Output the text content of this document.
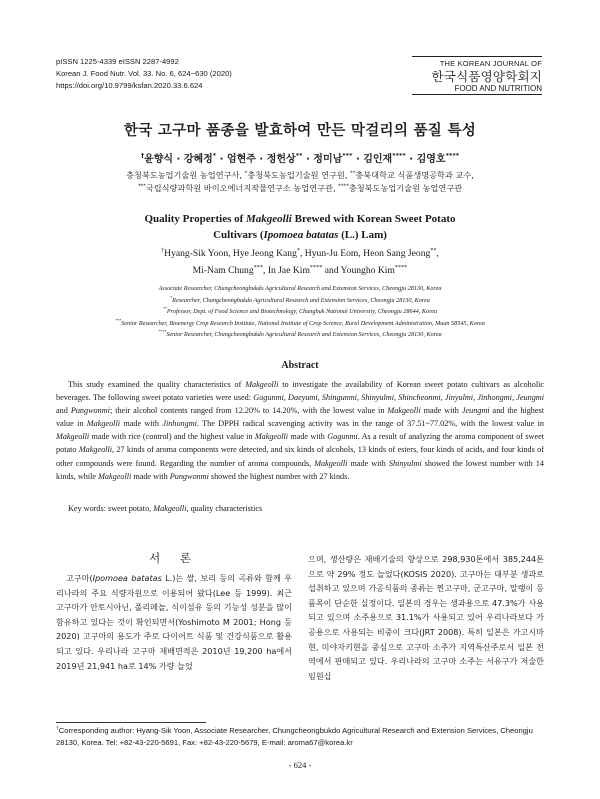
pISSN 1225-4339 eISSN 2287-4992
Korean J. Food Nutr. Vol. 33. No. 6, 624~630 (2020)
https://doi.org/10.9799/ksfan.2020.33.6.624
THE KOREAN JOURNAL OF
한국식품영양학회지
FOOD AND NUTRITION
한국 고구마 품종을 발효하여 만든 막걸리의 품질 특성
†윤향식 · 강혜정* · 엄현주 · 정헌상** · 정미남*** · 김인재**** · 김영호****
충청북도농업기술원 농업연구사, *충청북도농업기술원 연구원, **충북대학교 식품생명공학과 교수,
***국립식량과학원 바이오에너지작물연구소 농업연구관, ****충청북도농업기술원 농업연구관
Quality Properties of Makgeolli Brewed with Korean Sweet Potato
Cultivars (Ipomoea batatas (L.) Lam)
†Hyang-Sik Yoon, Hye Jeong Kang*, Hyun-Ju Eom, Heon Sang Jeong**,
Mi-Nam Chung***, In Jae Kim**** and Youngho Kim****
Associate Researcher, Chungcheongbukdo Agricultural Research and Extension Services, Cheongju 28130, Korea
*Researcher, Chungcheongbukdo Agricultural Research and Extension Services, Cheongju 28130, Korea
**Professor, Dept. of Food Science and Biotechnology, Chungbuk National University, Cheongju 28644, Korea
***Senior Researcher, Bioenergy Crop Research Institute, National Institute of Crop Science, Rural Development Administration, Muan 58545, Korea
****Senior Researcher, Chungcheongbukdo Agricultural Research and Extension Services, Cheongju 28130, Korea
Abstract
This study examined the quality characteristics of Makgeolli to investigate the availability of Korean sweet potato cultivars as alcoholic beverages. The following sweet potato varieties were used: Gogunmi, Daeyumi, Shingunmi, Shinyulmi, Shincheonmi, Jinyulmi, Jinhongmi, Jeungmi and Pungwonmi; their alcohol contents ranged from 12.20% to 14.20%, with the lowest value in Makgeolli made with Jeungmi and the highest value in Makgeolli made with Jinhongmi. The DPPH radical scavenging activity was in the range of 37.51~77.02%, with the lowest value in Makgeolli made with rice (control) and the highest value in Makgeolli made with Gogunmi. As a result of analyzing the aroma component of sweet potato Makgeolli, 27 kinds of aroma components were detected, and six kinds of alcohols, 13 kinds of esters, four kinds of acids, and four kinds of other compounds were found. Regarding the number of aroma compounds, Makgeolli made with Shinyulmi showed the lowest number with 14 kinds, while Makgeolli made with Pungwonmi showed the highest number with 27 kinds.
Key words: sweet potato, Makgeolli, quality characteristics
서 론
고구마(Ipomoea batatas L.)는 쌀, 보리 등의 곡류와 함께 우리나라의 주요 식량자원으로 이용되어 왔다(Lee 등 1999). 최근 고구마가 안토시아닌, 폴리페놀, 식이섬유 등의 기능성 성분을 많이 함유하고 있다는 것이 확인되면서(Yoshimoto M 2001; Hong 등 2020) 고구마의 용도가 주로 다이어트 식품 및 건강식품으로 활용되고 있다. 우리나라 고구마 재배면적은 2010년 19,200 ha에서 2019년 21,941 ha로 14% 가량 늘었
으며, 생산량은 재배기술의 향상으로 298,930톤에서 385,244톤으로 약 29% 정도 늘었다(KOSIS 2020). 고구마는 대부분 생과로 섭취하고 있으며 가공식품의 종류는 찐고구마, 군고구마, 말랭이 등 품목이 단순한 실정이다. 일본의 경우는 생과용으로 47.3%가 사용되고 있으며 소주용으로 31.1%가 사용되고 있어 우리나라보다 가공용으로 사용되는 비중이 크다(JRT 2008). 특히 일본은 가고시마현, 미야자키현을 중심으로 고구마 소주가 지역특산주로서 일본 전역에서 판매되고 있다. 우리나라의 고구마 소주는 서유구가 저술한 임원십
†Corresponding author: Hyang-Sik Yoon, Associate Researcher, Chungcheongbukdo Agricultural Research and Extension Services, Cheongju 28130, Korea. Tel: +82-43-220-5691, Fax: +82-43-220-5679, E-mail: aroma67@korea.kr
- 624 -
